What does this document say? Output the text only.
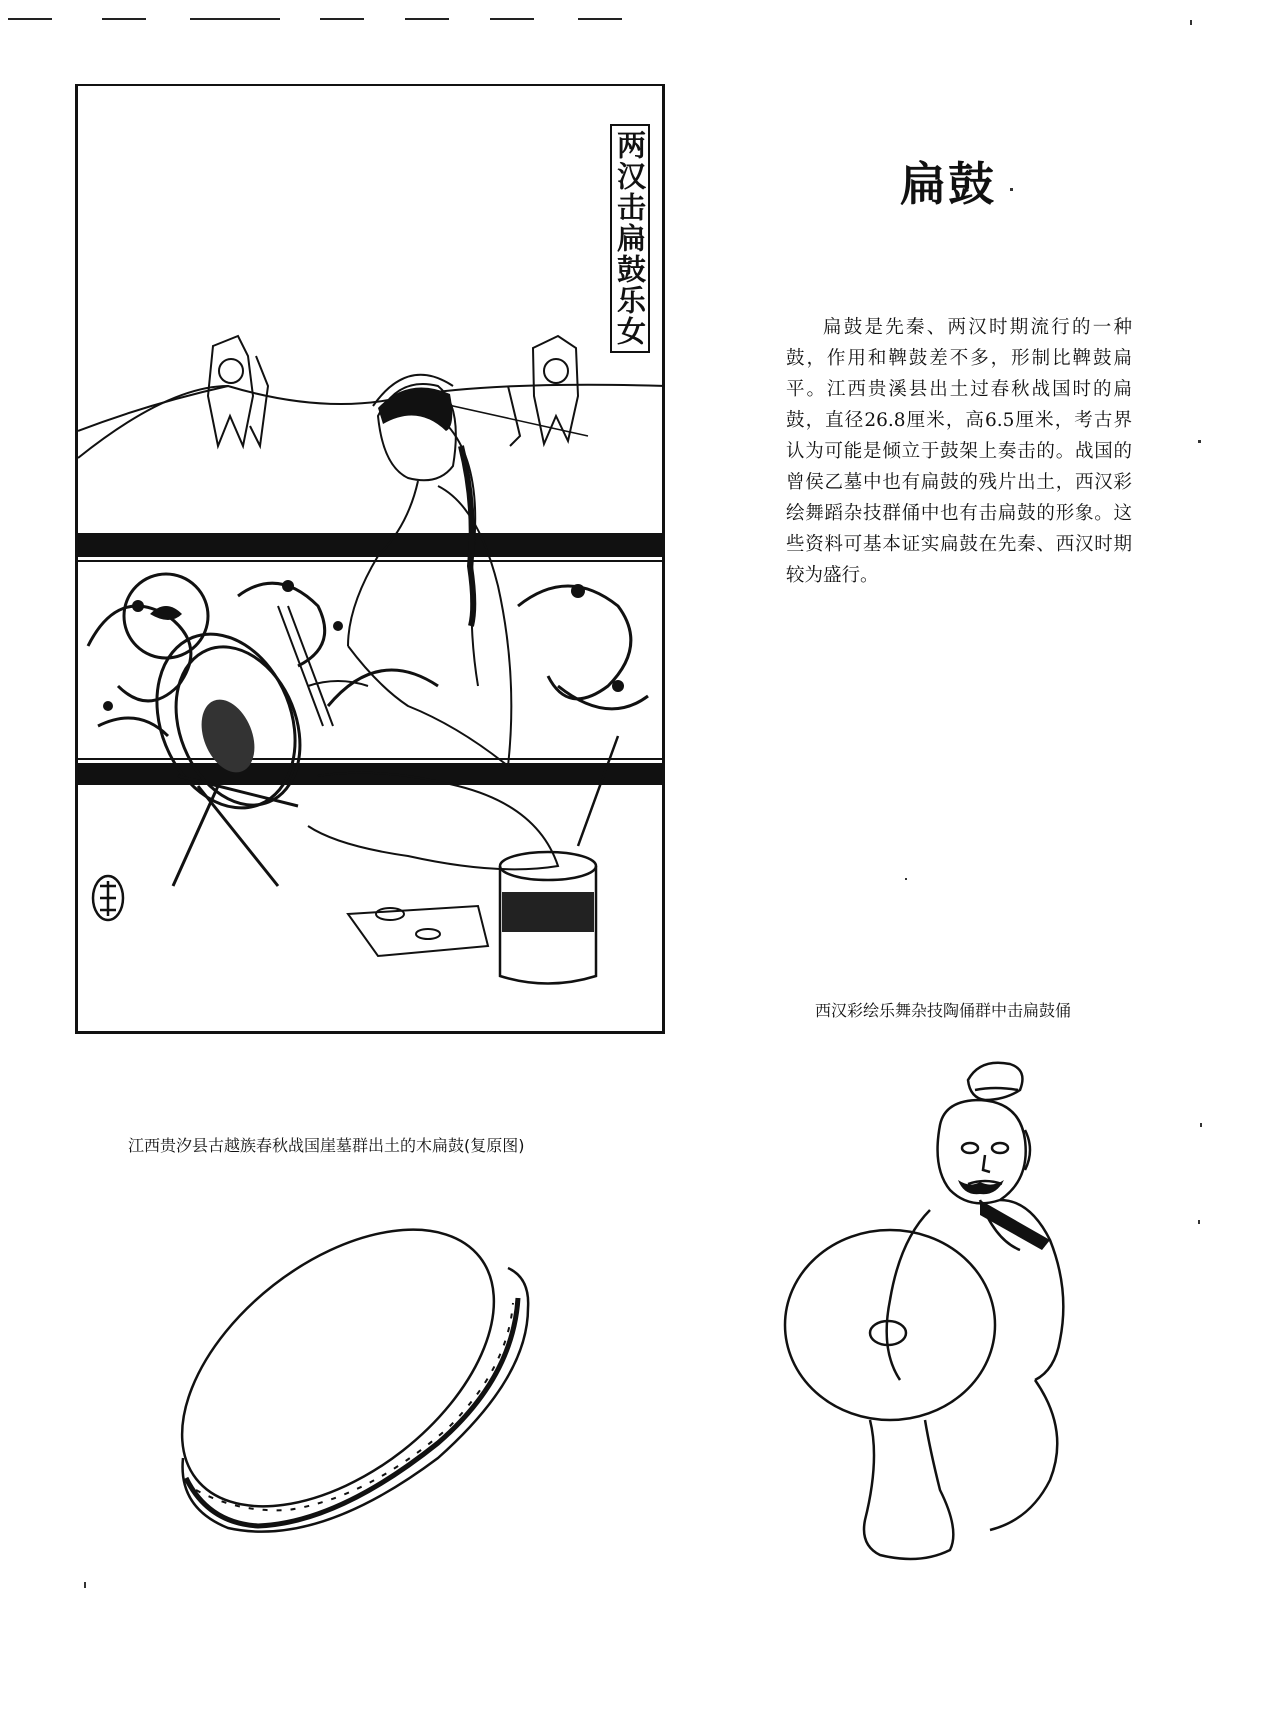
两汉击扁鼓乐女	扁鼓
扁鼓是先秦、两汉时期流行的一种鼓，作用和鞞鼓差不多，形制比鞞鼓扁平。江西贵溪县出土过春秋战国时的扁鼓，直径26.8厘米，高6.5厘米，考古界认为可能是倾立于鼓架上奏击的。战国的曾侯乙墓中也有扁鼓的残片出土，西汉彩绘舞蹈杂技群俑中也有击扁鼓的形象。这些资料可基本证实扁鼓在先秦、西汉时期较为盛行。
西汉彩绘乐舞杂技陶俑群中击扁鼓俑
江西贵汐县古越族春秋战国崖墓群出土的木扁鼓(复原图)
